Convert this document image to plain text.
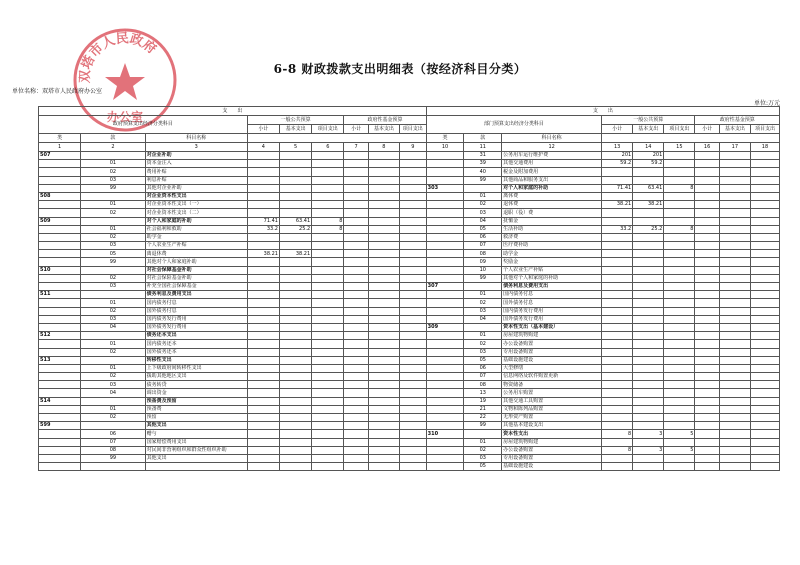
双塔市人民政府
办公室
6-8 财政拨款支出明细表（按经济科目分类）
单位名称：双塔市人民政府办公室
单位:万元
支　　出									支　　出								
政府预算支出经济分类科目			一般公共预算			政府性基金预算			部门预算支出经济分类科目			一般公共预算			政府性基金预算		
			小计	基本支出	项目支出	小计	基本支出	项目支出				小计	基本支出	项目支出	小计	基本支出	项目支出
类	款	科目名称							类	款	科目名称						
1	2	3	4	5	6	7	8	9	10	11	12	13	14	15	16	17	18
507		对企业补助								31	公务用车运行维护费	201	201				
	01	资本金注入								39	其他交通费用	59.2	59.2				
	02	费用补贴								40	税金及附加费用						
	03	利息补贴								99	其他商品和服务支出						
	99	其他对企业补助							303		对个人和家庭的补助	71.41	63.41	8			
508		对企业资本性支出								01	离休费						
	01	对企业资本性支出（一）								02	退休费	38.21	38.21				
	02	对企业资本性支出（二）								03	退职（役）费						
509		对个人和家庭的补助	71.41	63.41	8					04	抚恤金						
	01	社会福利和救助	33.2	25.2	8					05	生活补助	33.2	25.2	8			
	02	助学金								06	救济费						
	03	个人农业生产补贴								07	医疗费补助						
	05	离退休费	38.21	38.21						08	助学金						
	99	其他对个人和家庭补助								09	奖励金						
510		对社会保障基金补助								10	个人农业生产补贴						
	02	对社会保险基金补助								99	其他对个人和家庭的补助						
	03	补充全国社会保障基金							307		债务利息及费用支出						
511		债务利息及费用支出								01	国内债务付息						
	01	国内债务付息								02	国外债务付息						
	02	国外债务付息								03	国内债务发行费用						
	03	国内债务发行费用								04	国外债务发行费用						
	04	国外债务发行费用							309		资本性支出（基本建设）						
512		债务还本支出								01	房屋建筑物购建						
	01	国内债务还本								02	办公设备购置						
	02	国外债务还本								03	专用设备购置						
513		转移性支出								05	基础设施建设						
	01	上下级政府间转移性支出								06	大型修缮						
	02	援助其他地区支出								07	信息网络及软件购置更新						
	03	债务转贷								08	物资储备						
	04	调出资金								13	公务用车购置						
514		预备费及预留								19	其他交通工具购置						
	01	预备费								21	文物和陈列品购置						
	02	预留								22	无形资产购置						
599		其他支出								99	其他基本建设支出						
	06	赠与							310		资本性支出	8	3	5			
	07	国家赔偿费用支出								01	房屋建筑物购建						
	08	对民间非营利组织和群众性组织补助								02	办公设备购置	8	3	5			
	99	其他支出								03	专用设备购置						
										05	基础设施建设						
